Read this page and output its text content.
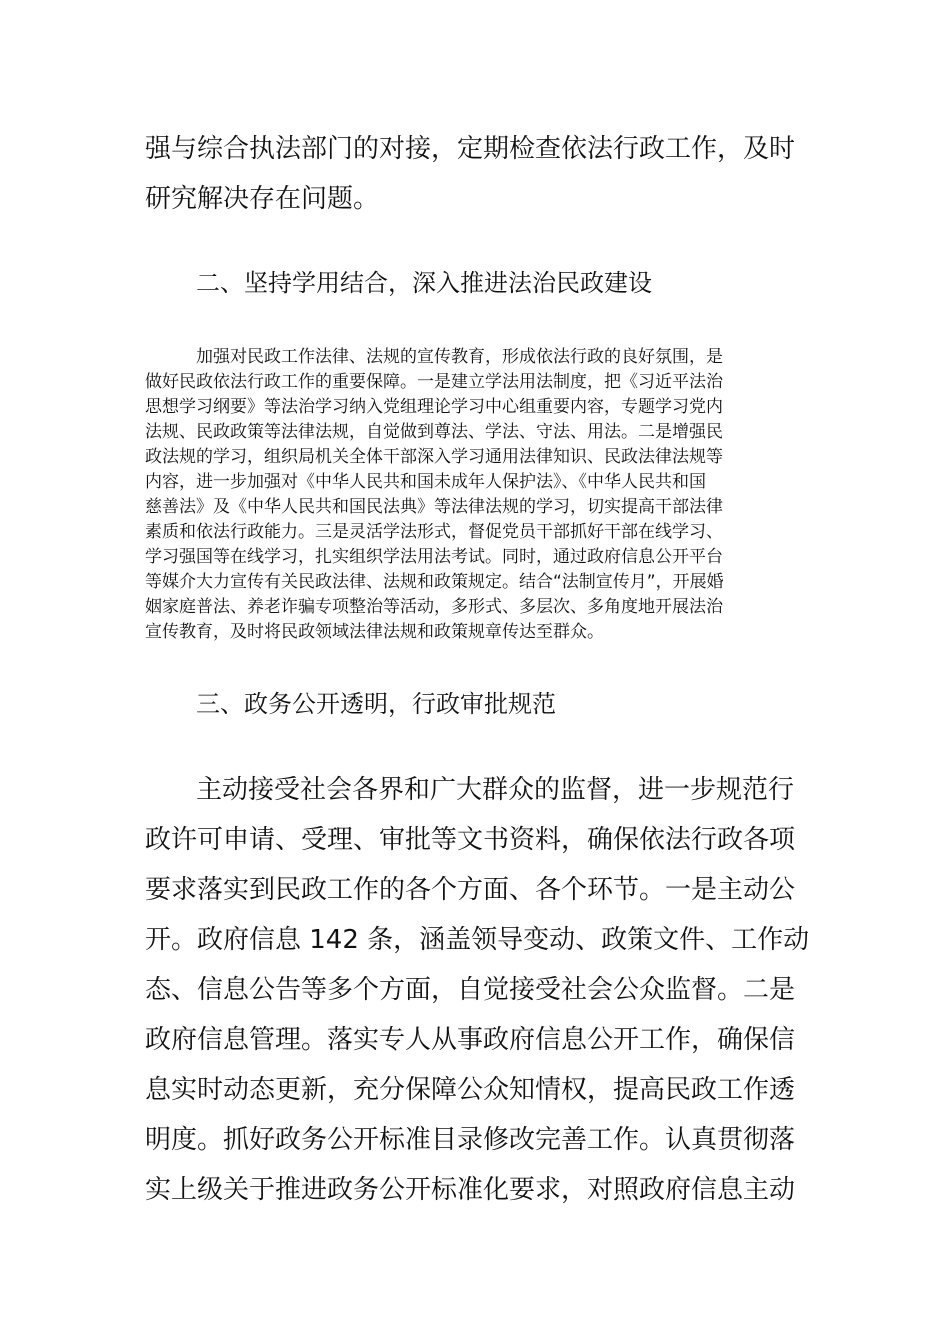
强与综合执法部门的对接，定期检查依法行政工作，及时
研究解决存在问题。
二、坚持学用结合，深入推进法治民政建设
加强对民政工作法律、法规的宣传教育，形成依法行政的良好氛围，是
做好民政依法行政工作的重要保障。一是建立学法用法制度，把《习近平法治
思想学习纲要》等法治学习纳入党组理论学习中心组重要内容，专题学习党内
法规、民政政策等法律法规，自觉做到尊法、学法、守法、用法。二是增强民
政法规的学习，组织局机关全体干部深入学习通用法律知识、民政法律法规等
内容，进一步加强对《中华人民共和国未成年人保护法》、《中华人民共和国
慈善法》及《中华人民共和国民法典》等法律法规的学习，切实提高干部法律
素质和依法行政能力。三是灵活学法形式，督促党员干部抓好干部在线学习、
学习强国等在线学习，扎实组织学法用法考试。同时，通过政府信息公开平台
等媒介大力宣传有关民政法律、法规和政策规定。结合“法制宣传月”，开展婚
姻家庭普法、养老诈骗专项整治等活动，多形式、多层次、多角度地开展法治
宣传教育，及时将民政领域法律法规和政策规章传达至群众。
三、政务公开透明，行政审批规范
主动接受社会各界和广大群众的监督，进一步规范行
政许可申请、受理、审批等文书资料，确保依法行政各项
要求落实到民政工作的各个方面、各个环节。一是主动公
开。政府信息 142 条，涵盖领导变动、政策文件、工作动
态、信息公告等多个方面，自觉接受社会公众监督。二是
政府信息管理。落实专人从事政府信息公开工作，确保信
息实时动态更新，充分保障公众知情权，提高民政工作透
明度。抓好政务公开标准目录修改完善工作。认真贯彻落
实上级关于推进政务公开标准化要求，对照政府信息主动
